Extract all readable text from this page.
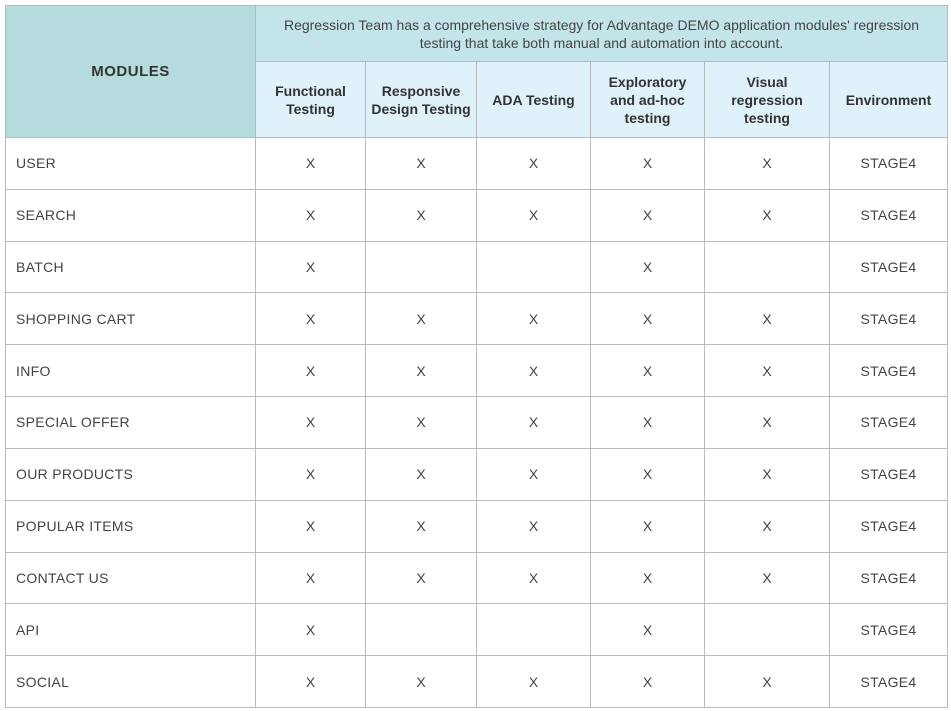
MODULES	Regression Team has a comprehensive strategy for Advantage DEMO application modules' regression testing that take both manual and automation into account.					
	Functional Testing	Responsive Design Testing	ADA Testing	Exploratory and ad-hoc testing	Visual regression testing	Environment
USER	X	X	X	X	X	STAGE4
SEARCH	X	X	X	X	X	STAGE4
BATCH	X			X		STAGE4
SHOPPING CART	X	X	X	X	X	STAGE4
INFO	X	X	X	X	X	STAGE4
SPECIAL OFFER	X	X	X	X	X	STAGE4
OUR PRODUCTS	X	X	X	X	X	STAGE4
POPULAR ITEMS	X	X	X	X	X	STAGE4
CONTACT US	X	X	X	X	X	STAGE4
API	X			X		STAGE4
SOCIAL	X	X	X	X	X	STAGE4
